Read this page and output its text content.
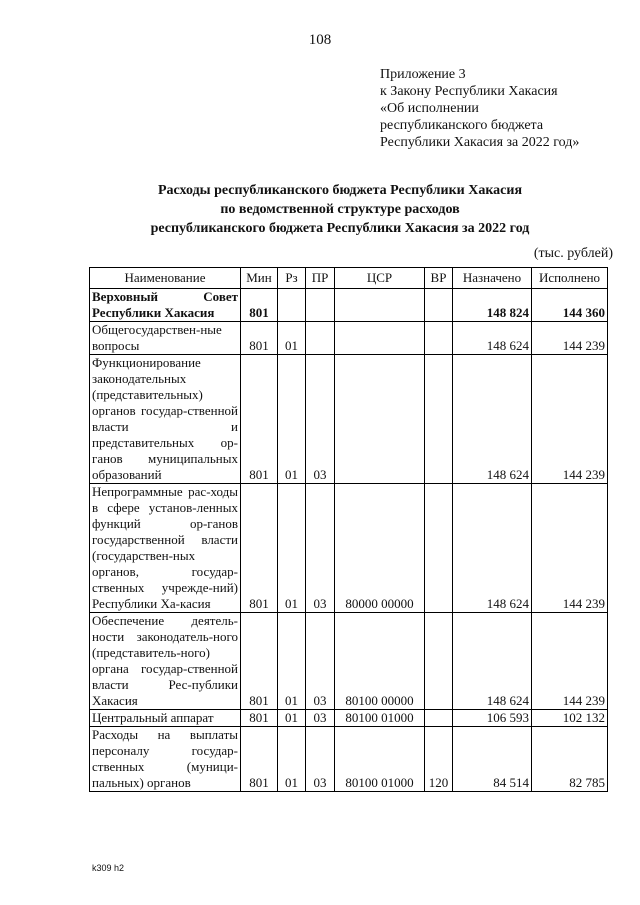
108
Приложение 3
к Закону Республики Хакасия
«Об исполнении
республиканского бюджета
Республики Хакасия за 2022 год»
Расходы республиканского бюджета Республики Хакасия
по ведомственной структуре расходов
республиканского бюджета Республики Хакасия за 2022 год
(тыс. рублей)
Наименование	Мин	Рз	ПР	ЦСР	ВР	Назначено	Исполнено
Верховный Совет Республики Хакасия	801					148 824	144 360
Общегосударствен-ные вопросы	801	01				148 624	144 239
Функционирование законодательных (представительных) органов государ-ственной власти и представительных ор-ганов муниципальных образований	801	01	03			148 624	144 239
Непрограммные рас-ходы в сфере установ-ленных функций ор-ганов государственной власти (государствен-ных органов, государ-ственных учрежде-ний) Республики Ха-касия	801	01	03	80000 00000		148 624	144 239
Обеспечение деятель-ности законодатель-ного (представитель-ного) органа государ-ственной власти Рес-публики Хакасия	801	01	03	80100 00000		148 624	144 239
Центральный аппарат	801	01	03	80100 01000		106 593	102 132
Расходы на выплаты персоналу государ-ственных (муници-пальных) органов	801	01	03	80100 01000	120	84 514	82 785
k309 h2
